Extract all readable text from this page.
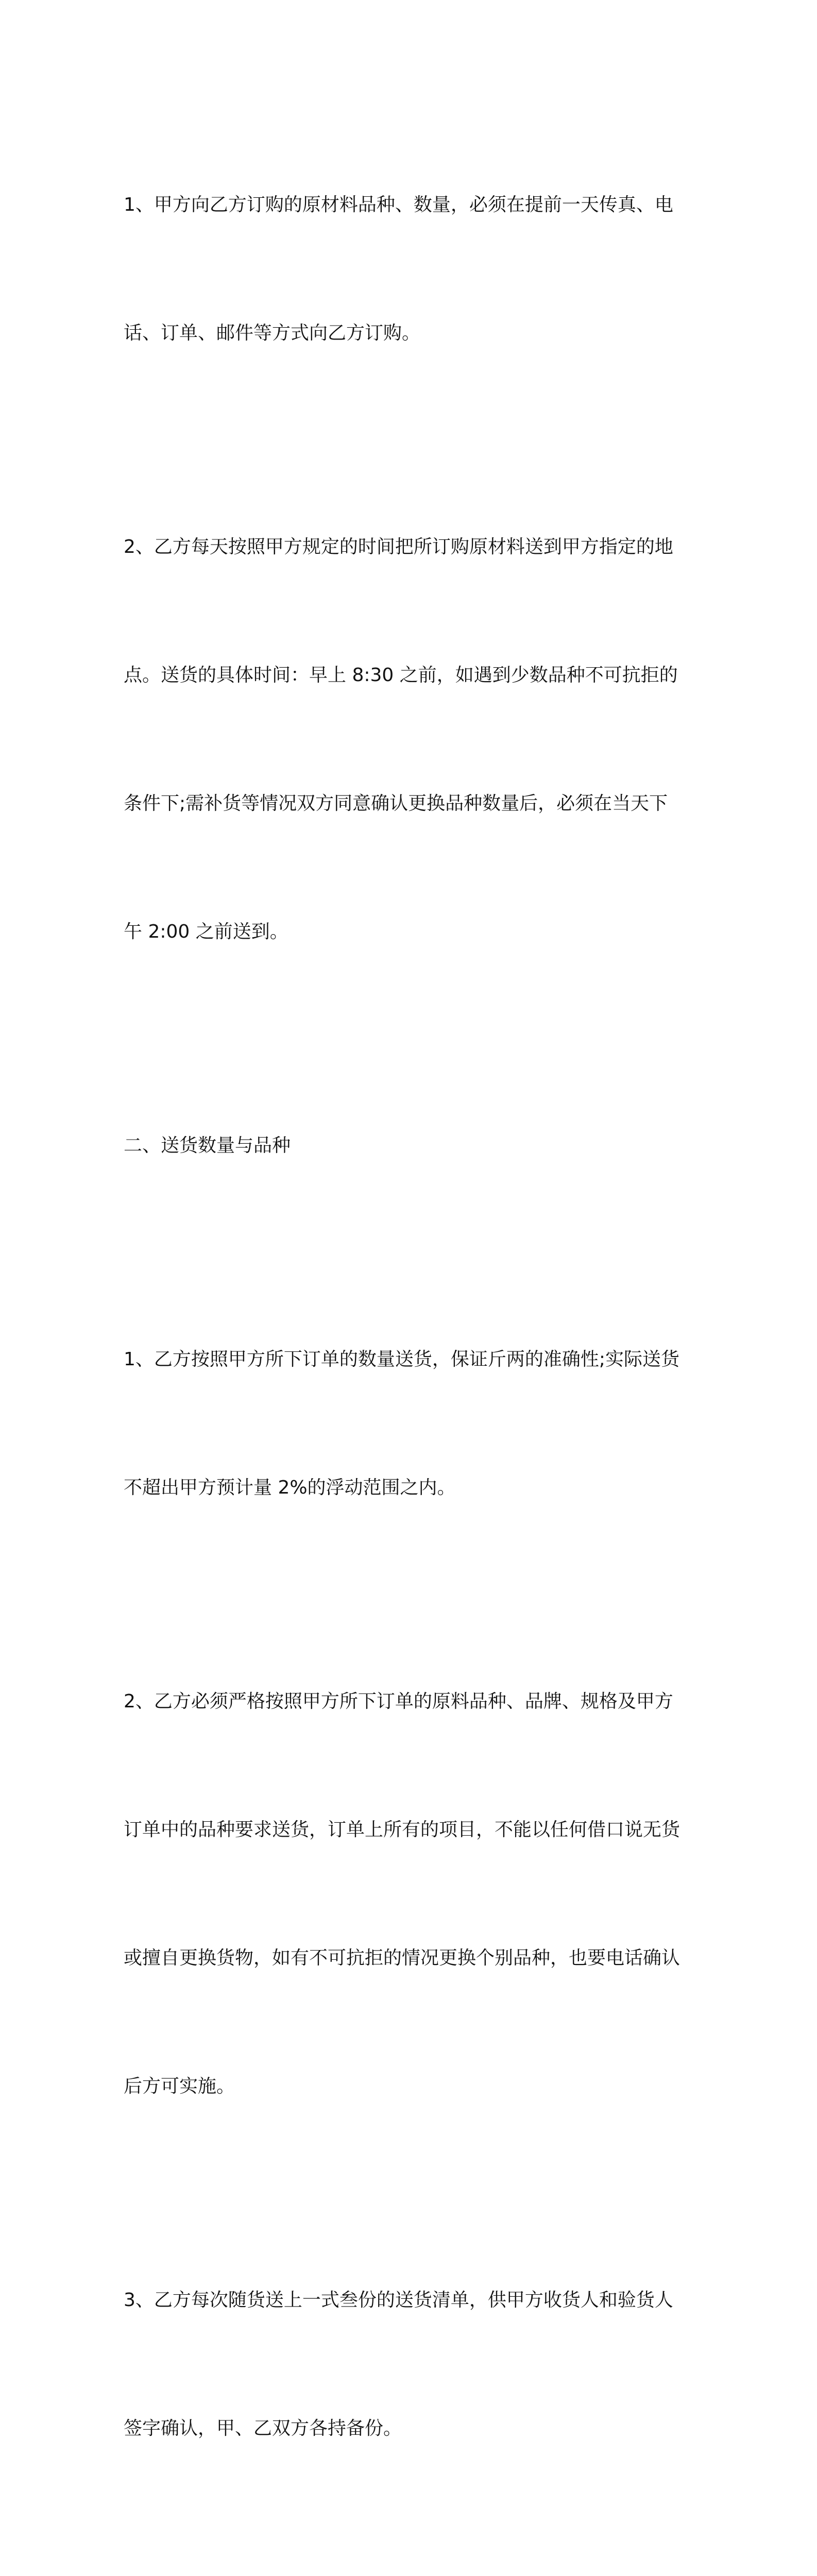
1、甲方向乙方订购的原材料品种、数量，必须在提前一天传真、电

话、订单、邮件等方式向乙方订购。

2、乙方每天按照甲方规定的时间把所订购原材料送到甲方指定的地

点。送货的具体时间：早上 8:30 之前，如遇到少数品种不可抗拒的

条件下;需补货等情况双方同意确认更换品种数量后，必须在当天下

午 2:00 之前送到。

二、送货数量与品种

1、乙方按照甲方所下订单的数量送货，保证斤两的准确性;实际送货

不超出甲方预计量 2%的浮动范围之内。

2、乙方必须严格按照甲方所下订单的原料品种、品牌、规格及甲方

订单中的品种要求送货，订单上所有的项目，不能以任何借口说无货

或擅自更换货物，如有不可抗拒的情况更换个别品种，也要电话确认

后方可实施。

3、乙方每次随货送上一式叁份的送货清单，供甲方收货人和验货人

签字确认，甲、乙双方各持备份。
